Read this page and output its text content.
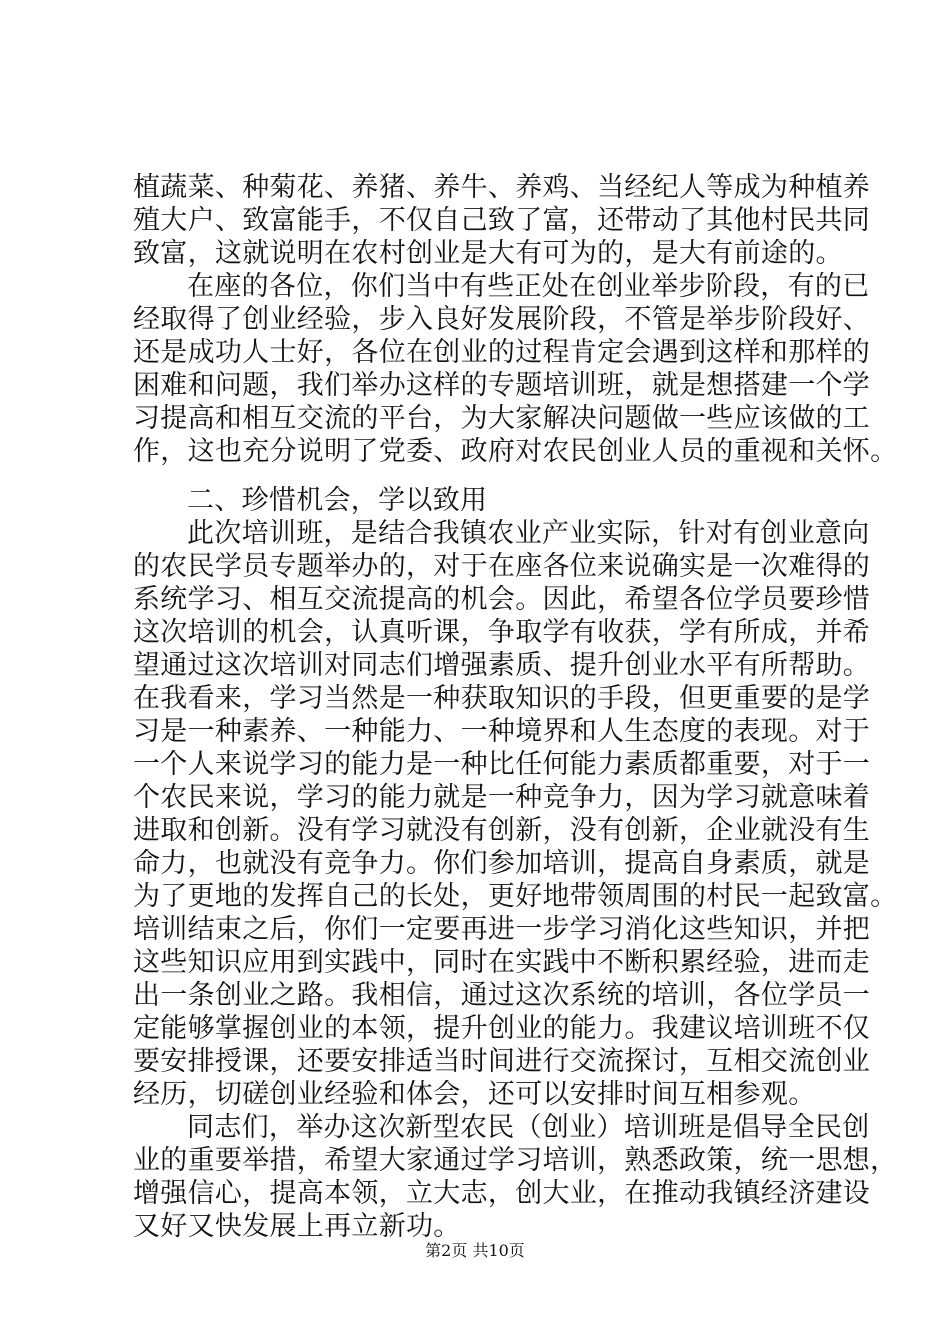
植蔬菜、种菊花、养猪、养牛、养鸡、当经纪人等成为种植养
殖大户、致富能手，不仅自己致了富，还带动了其他村民共同
致富，这就说明在农村创业是大有可为的，是大有前途的。
在座的各位，你们当中有些正处在创业举步阶段，有的已
经取得了创业经验，步入良好发展阶段，不管是举步阶段好、
还是成功人士好，各位在创业的过程肯定会遇到这样和那样的
困难和问题，我们举办这样的专题培训班，就是想搭建一个学
习提高和相互交流的平台，为大家解决问题做一些应该做的工
作，这也充分说明了党委、政府对农民创业人员的重视和关怀。
二、珍惜机会，学以致用
此次培训班，是结合我镇农业产业实际，针对有创业意向
的农民学员专题举办的，对于在座各位来说确实是一次难得的
系统学习、相互交流提高的机会。因此，希望各位学员要珍惜
这次培训的机会，认真听课，争取学有收获，学有所成，并希
望通过这次培训对同志们增强素质、提升创业水平有所帮助。
在我看来，学习当然是一种获取知识的手段，但更重要的是学
习是一种素养、一种能力、一种境界和人生态度的表现。对于
一个人来说学习的能力是一种比任何能力素质都重要，对于一
个农民来说，学习的能力就是一种竞争力，因为学习就意味着
进取和创新。没有学习就没有创新，没有创新，企业就没有生
命力，也就没有竞争力。你们参加培训，提高自身素质，就是
为了更地的发挥自己的长处，更好地带领周围的村民一起致富。
培训结束之后，你们一定要再进一步学习消化这些知识，并把
这些知识应用到实践中，同时在实践中不断积累经验，进而走
出一条创业之路。我相信，通过这次系统的培训，各位学员一
定能够掌握创业的本领，提升创业的能力。我建议培训班不仅
要安排授课，还要安排适当时间进行交流探讨，互相交流创业
经历，切磋创业经验和体会，还可以安排时间互相参观。
同志们，举办这次新型农民（创业）培训班是倡导全民创
业的重要举措，希望大家通过学习培训，熟悉政策，统一思想，
增强信心，提高本领，立大志，创大业，在推动我镇经济建设
又好又快发展上再立新功。
第2页 共10页
